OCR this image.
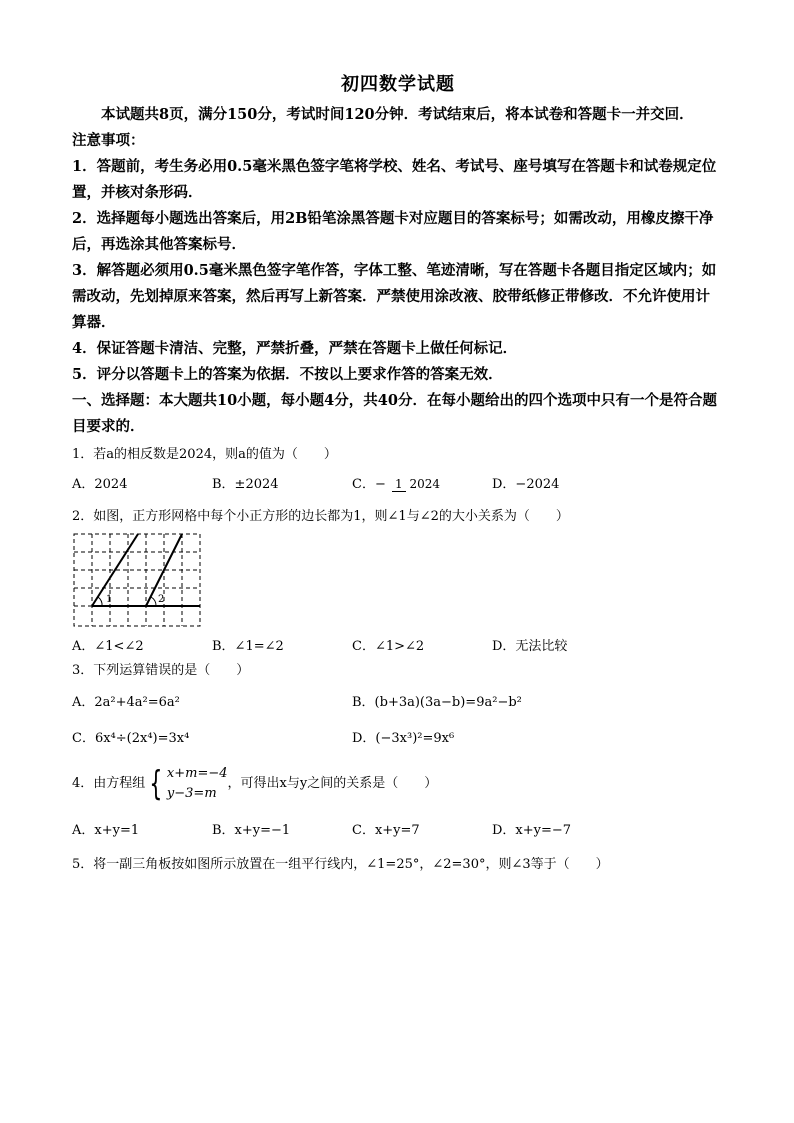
初四数学试题
本试题共8页，满分150分，考试时间120分钟．考试结束后，将本试卷和答题卡一并交回．
注意事项：
1．答题前，考生务必用0.5毫米黑色签字笔将学校、姓名、考试号、座号填写在答题卡和试卷规定位置，并核对条形码．
2．选择题每小题选出答案后，用2B铅笔涂黑答题卡对应题目的答案标号；如需改动，用橡皮擦干净后，再选涂其他答案标号．
3．解答题必须用0.5毫米黑色签字笔作答，字体工整、笔迹清晰，写在答题卡各题目指定区域内；如需改动，先划掉原来答案，然后再写上新答案．严禁使用涂改液、胶带纸修正带修改．不允许使用计算器．
4．保证答题卡清洁、完整，严禁折叠，严禁在答题卡上做任何标记．
5．评分以答题卡上的答案为依据．不按以上要求作答的答案无效．
一、选择题：本大题共10小题，每小题4分，共40分．在每小题给出的四个选项中只有一个是符合题目要求的．
1．若a的相反数是2024，则a的值为（　　）
A．2024	B．±2024	C．− 1 2024	D．−2024
2．如图，正方形网格中每个小正方形的边长都为1，则∠1与∠2的大小关系为（　　）
1	2
A．∠1<∠2	B．∠1=∠2	C．∠1>∠2	D．无法比较
3．下列运算错误的是（　　）
A．2a²+4a²=6a²	B．(b+3a)(3a−b)=9a²−b²
C．6x⁴÷(2x⁴)=3x⁴	D．(−3x³)²=9x⁶
4．由方程组 { x+m=−4
y−3=m
，可得出x与y之间的关系是（　　）
A．x+y=1	B．x+y=−1	C．x+y=7	D．x+y=−7
5．将一副三角板按如图所示放置在一组平行线内，∠1=25°，∠2=30°，则∠3等于（　　）
